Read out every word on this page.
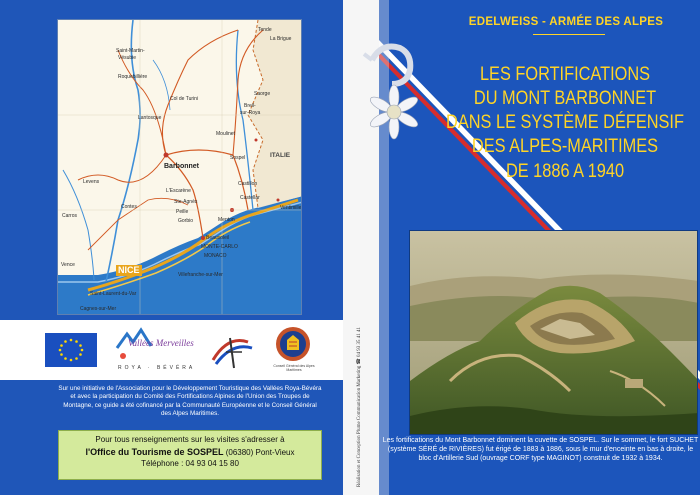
Tende
La Brigue
Saint-Martin-
Vésubie
Roquebillière
Saorge
Col de Turini
Breil-
sur-Roya
Lantosque
Moulinet
Sospel
Barbonnet
ITALIE
Levens
L'Escarène
Castillon
Castellar
Ste-Agnès
Contes
Peille
Gorbio	Menton
Ventimille
Carros
Beausoleil
MONTE-CARLO
MONACO
Vence	NICE	Villefranche-sur-Mer
Saint-Laurent-du-Var
Cagnes-sur-Mer
Vallées Merveilles
ROYA · BÉVÉRA	Conseil Général des Alpes Maritimes

Sur une initiative de l'Association pour le Développement Touristique des Vallées Roya-Bévéra et avec la participation du Comité des Fortifications Alpines de l'Union des Troupes de Montagne, ce guide a été cofinancé par la Communauté Européenne et le Conseil Général des Alpes Maritimes.

Pour tous renseignements sur les visites s'adresser à
l'Office du Tourisme de SOSPEL (06380) Pont-Vieux
Téléphone : 04 93 04 15 80	Réalisation et Conception Plume Communication Marketing ☎ 04 93 35 41 41
EDELWEISS - ARMÉE DES ALPES
LES FORTIFICATIONS
DU MONT BARBONNET
DANS LE SYSTÈME DÉFENSIF
DES ALPES-MARITIMES
DE 1886 A 1940

Les fortifications du Mont Barbonnet dominent la cuvette de SOSPEL. Sur le sommet, le fort SUCHET (système SÉRÉ de RIVIÈRES) fut érigé de 1883 à 1886, sous le mur d'enceinte en bas à droite, le bloc d'Artillerie Sud (ouvrage CORF type MAGINOT) construit de 1932 à 1934.
